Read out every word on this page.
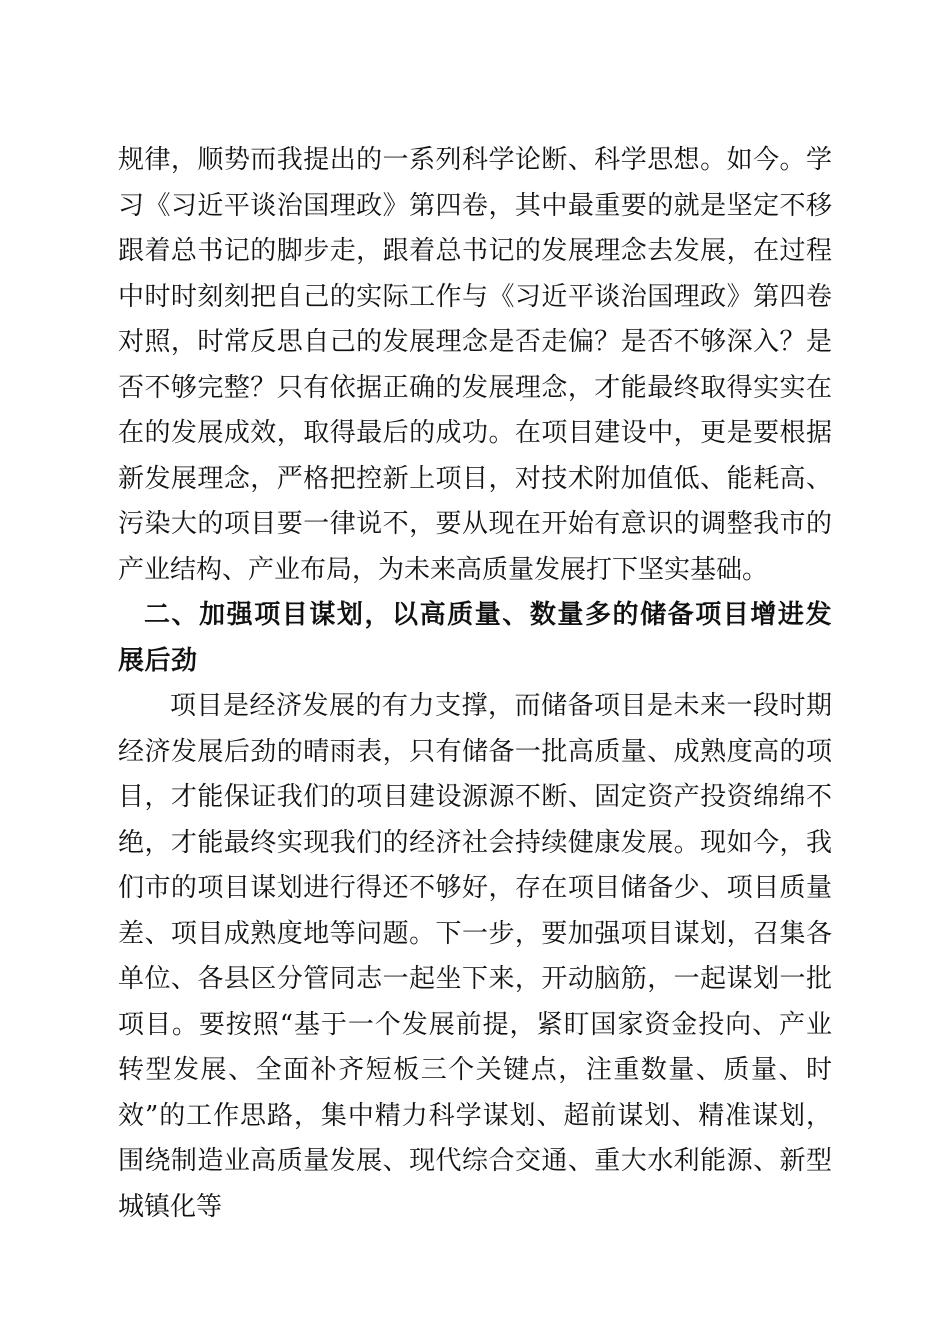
规律，顺势而我提出的一系列科学论断、科学思想。如今。学习《习近平谈治国理政》第四卷，其中最重要的就是坚定不移跟着总书记的脚步走，跟着总书记的发展理念去发展，在过程中时时刻刻把自己的实际工作与《习近平谈治国理政》第四卷对照，时常反思自己的发展理念是否走偏？是否不够深入？是否不够完整？只有依据正确的发展理念，才能最终取得实实在在的发展成效，取得最后的成功。在项目建设中，更是要根据新发展理念，严格把控新上项目，对技术附加值低、能耗高、污染大的项目要一律说不，要从现在开始有意识的调整我市的产业结构、产业布局，为未来高质量发展打下坚实基础。

二、加强项目谋划，以高质量、数量多的储备项目增进发展后劲

项目是经济发展的有力支撑，而储备项目是未来一段时期经济发展后劲的晴雨表，只有储备一批高质量、成熟度高的项目，才能保证我们的项目建设源源不断、固定资产投资绵绵不绝，才能最终实现我们的经济社会持续健康发展。现如今，我们市的项目谋划进行得还不够好，存在项目储备少、项目质量差、项目成熟度地等问题。下一步，要加强项目谋划，召集各单位、各县区分管同志一起坐下来，开动脑筋，一起谋划一批项目。要按照“基于一个发展前提，紧盯国家资金投向、产业转型发展、全面补齐短板三个关键点，注重数量、质量、时效”的工作思路，集中精力科学谋划、超前谋划、精准谋划，围绕制造业高质量发展、现代综合交通、重大水利能源、新型城镇化等
